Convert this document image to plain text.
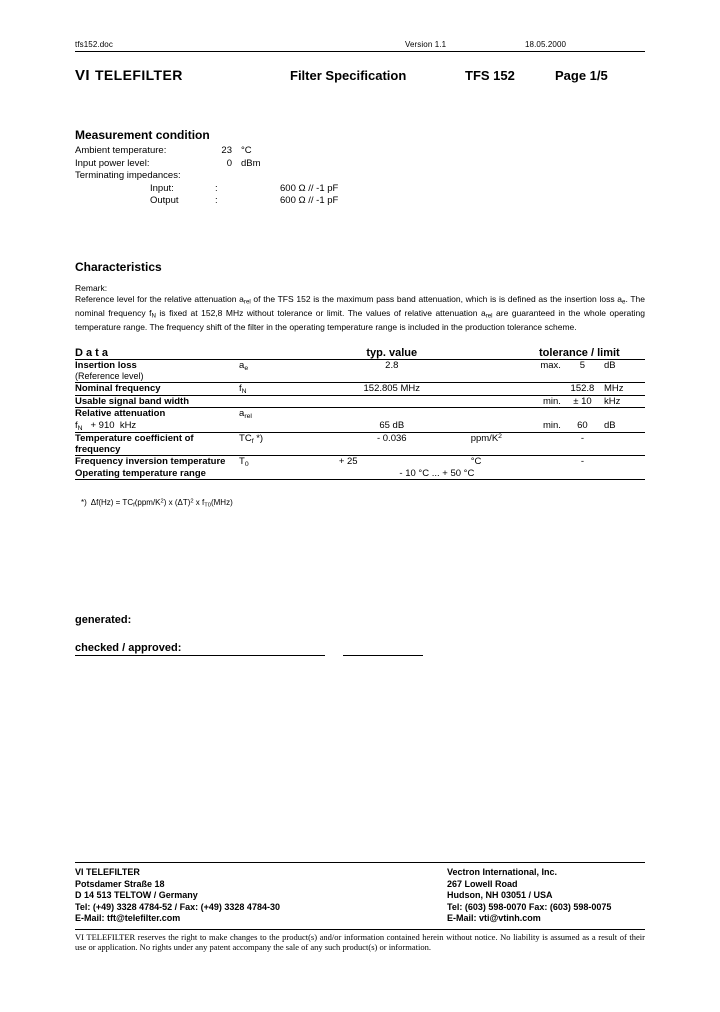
tfs152.doc	Version 1.1	18.05.2000
VI TELEFILTER	Filter Specification	TFS 152	Page 1/5
Measurement condition
Ambient temperature:	23 °C
Input power level:	0 dBm
Terminating impedances:
Input:	:	600 Ω // -1 pF
Output	:	600 Ω // -1 pF
Characteristics
Remark:
Reference level for the relative attenuation $a_{rel}$ of the TFS 152 is the maximum pass band attenuation, which is is defined as the insertion loss $a_e$. The nominal frequency $f_N$ is fixed at 152,8 MHz without tolerance or limit. The values of relative attenuation $a_{rel}$ are guaranteed in the whole operating temperature range. The frequency shift of the filter in the operating temperature range is included in the production tolerance scheme.
D a t a		typ. value		tolerance / limit		

Insertion loss
(Reference level)	$a_e$	2.8		max.	5	dB

Nominal frequency	$f_N$	152.805 MHz			152.8	MHz

Usable signal band width				min.	± 10	kHz

Relative attenuation	$a_{rel}$					
$f_N + 910$  kHz		65 dB		min.	60	dB

Temperature coefficient of frequency	$TC_f$ *)	- 0.036	ppm/$K^2$		-	

Frequency inversion temperature	$T_0$	+ 25	°C		-	
Operating temperature range		- 10 °C ... + 50 °C				

*)  $\Delta f(Hz) = TC_f(ppm/K^2)$ x $(\Delta T)^2$ x $f_{T0}(MHz)$
generated:
checked / approved:
VI TELEFILTER
Potsdamer Straße 18
D 14 513 TELTOW / Germany
Tel: (+49) 3328 4784-52 / Fax: (+49) 3328 4784-30
E-Mail: tft@telefilter.com
Vectron International, Inc.
267 Lowell Road
Hudson, NH 03051 / USA
Tel: (603) 598-0070 Fax: (603) 598-0075
E-Mail: vti@vtinh.com
VI TELEFILTER reserves the right to make changes to the product(s) and/or information contained herein without notice. No liability is assumed as a result of their use or application. No rights under any patent accompany the sale of any such product(s) or information.
